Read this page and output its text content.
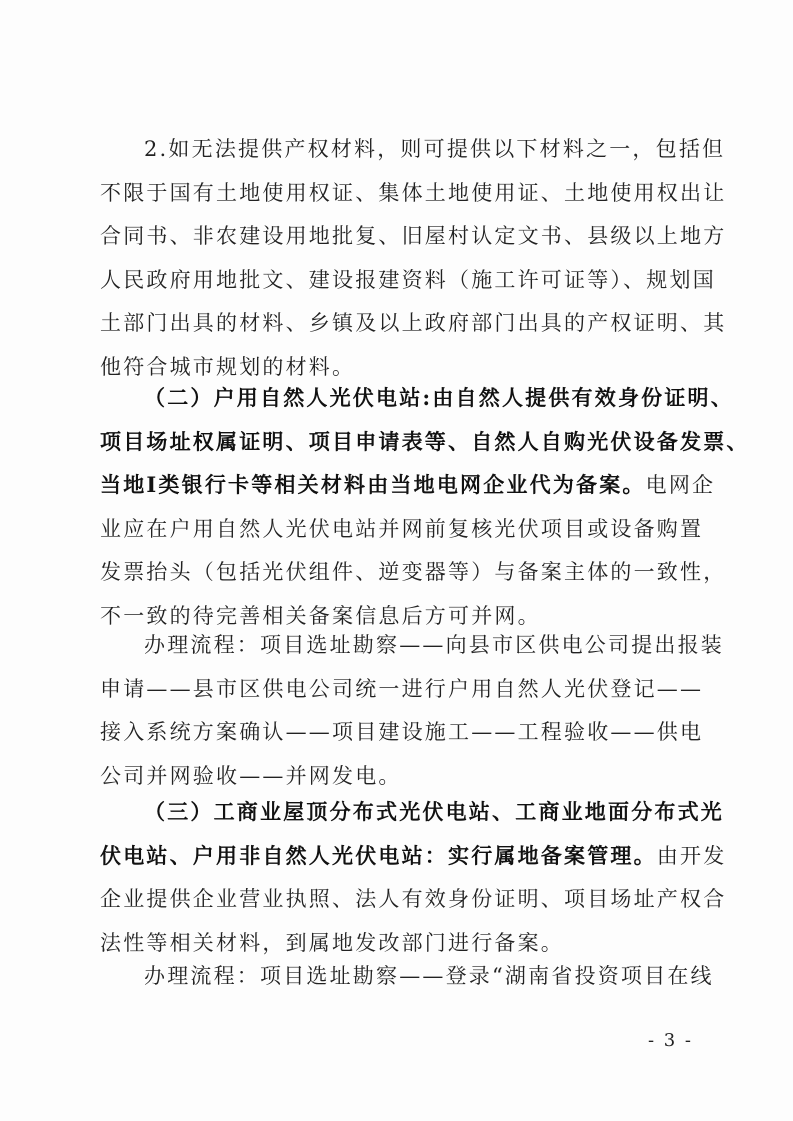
2.如无法提供产权材料，则可提供以下材料之一，包括但
不限于国有土地使用权证、集体土地使用证、土地使用权出让
合同书、非农建设用地批复、旧屋村认定文书、县级以上地方
人民政府用地批文、建设报建资料（施工许可证等）、规划国
土部门出具的材料、乡镇及以上政府部门出具的产权证明、其
他符合城市规划的材料。
（二）户用自然人光伏电站:由自然人提供有效身份证明、
项目场址权属证明、项目申请表等、自然人自购光伏设备发票、
当地Ⅰ类银行卡等相关材料由当地电网企业代为备案。电网企
业应在户用自然人光伏电站并网前复核光伏项目或设备购置
发票抬头（包括光伏组件、逆变器等）与备案主体的一致性，
不一致的待完善相关备案信息后方可并网。
办理流程：项目选址勘察——向县市区供电公司提出报装
申请——县市区供电公司统一进行户用自然人光伏登记——
接入系统方案确认——项目建设施工——工程验收——供电
公司并网验收——并网发电。
（三）工商业屋顶分布式光伏电站、工商业地面分布式光
伏电站、户用非自然人光伏电站：实行属地备案管理。由开发
企业提供企业营业执照、法人有效身份证明、项目场址产权合
法性等相关材料，到属地发改部门进行备案。
办理流程：项目选址勘察——登录“湖南省投资项目在线
- 3 -
